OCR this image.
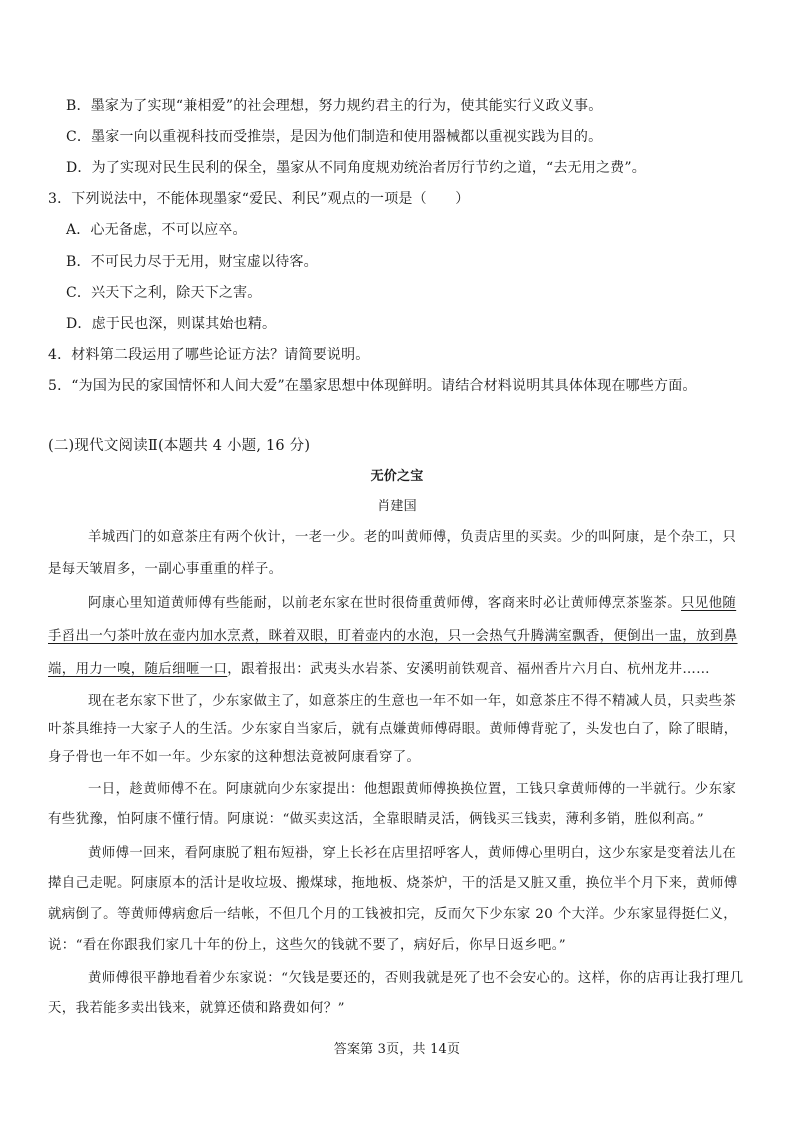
B．墨家为了实现“兼相爱”的社会理想，努力规约君主的行为，使其能实行义政义事。
C．墨家一向以重视科技而受推崇，是因为他们制造和使用器械都以重视实践为目的。
D．为了实现对民生民利的保全，墨家从不同角度规劝统治者厉行节约之道，“去无用之费”。
3．下列说法中，不能体现墨家“爱民、利民”观点的一项是（　　）
A．心无备虑，不可以应卒。
B．不可民力尽于无用，财宝虚以待客。
C．兴天下之利，除天下之害。
D．虑于民也深，则谋其始也精。
4．材料第二段运用了哪些论证方法？请简要说明。
5．“为国为民的家国情怀和人间大爱”在墨家思想中体现鲜明。请结合材料说明其具体体现在哪些方面。
(二)现代文阅读Ⅱ(本题共 4 小题, 16 分)
无价之宝
肖建国
羊城西门的如意茶庄有两个伙计，一老一少。老的叫黄师傅，负责店里的买卖。少的叫阿康，是个杂工，只
是每天皱眉多，一副心事重重的样子。
阿康心里知道黄师傅有些能耐，以前老东家在世时很倚重黄师傅，客商来时必让黄师傅烹茶鉴茶。只见他随
手舀出一勺茶叶放在壶内加水烹煮，眯着双眼，盯着壶内的水泡，只一会热气升腾满室飘香，便倒出一盅，放到鼻
端，用力一嗅，随后细咂一口，跟着报出：武夷头水岩茶、安溪明前铁观音、福州香片六月白、杭州龙井……
现在老东家下世了，少东家做主了，如意茶庄的生意也一年不如一年，如意茶庄不得不精减人员，只卖些茶
叶茶具维持一大家子人的生活。少东家自当家后，就有点嫌黄师傅碍眼。黄师傅背驼了，头发也白了，除了眼睛，
身子骨也一年不如一年。少东家的这种想法竟被阿康看穿了。
一日，趁黄师傅不在。阿康就向少东家提出：他想跟黄师傅换换位置，工钱只拿黄师傅的一半就行。少东家
有些犹豫，怕阿康不懂行情。阿康说：“做买卖这活，全靠眼睛灵活，俩钱买三钱卖，薄利多销，胜似利高。”
黄师傅一回来，看阿康脱了粗布短褂，穿上长衫在店里招呼客人，黄师傅心里明白，这少东家是变着法儿在
撵自己走呢。阿康原本的活计是收垃圾、搬煤球，拖地板、烧茶炉，干的活是又脏又重，换位半个月下来，黄师傅
就病倒了。等黄师傅病愈后一结帐，不但几个月的工钱被扣完，反而欠下少东家 20 个大洋。少东家显得挺仁义，
说：“看在你跟我们家几十年的份上，这些欠的钱就不要了，病好后，你早日返乡吧。”
黄师傅很平静地看着少东家说：“欠钱是要还的，否则我就是死了也不会安心的。这样，你的店再让我打理几
天，我若能多卖出钱来，就算还债和路费如何？”
答案第 3页，共 14页
